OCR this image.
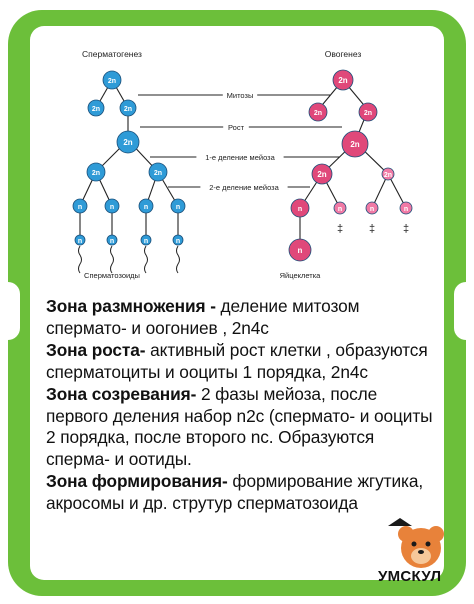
2n
2n	2n
2n
2n	2n
n
n
n
n
n
n
n
n
2n
2n	2n
2n
2n	2n
n	n	n	n
n
Сперматогенез	Овогенез
Сперматозоиды
‡ ‡	‡
Яйцеклетка
Митозы
Рост
1-е деление мейоза
2-е деление мейоза

Зона размножения - деление митозом сперматo- и оогониев , 2n4c

Зона роста- активный рост клетки , образуются сперматоциты и ооциты 1 порядка, 2n4c

Зона созревания- 2 фазы мейоза, после первого деления набор n2c (спермато- и ооциты 2 порядка, после второго nc. Образуются сперма- и оотиды.

Зона формирования- формирование жгутика, акросомы и др. струтур сперматозоида

УМСКУЛ
